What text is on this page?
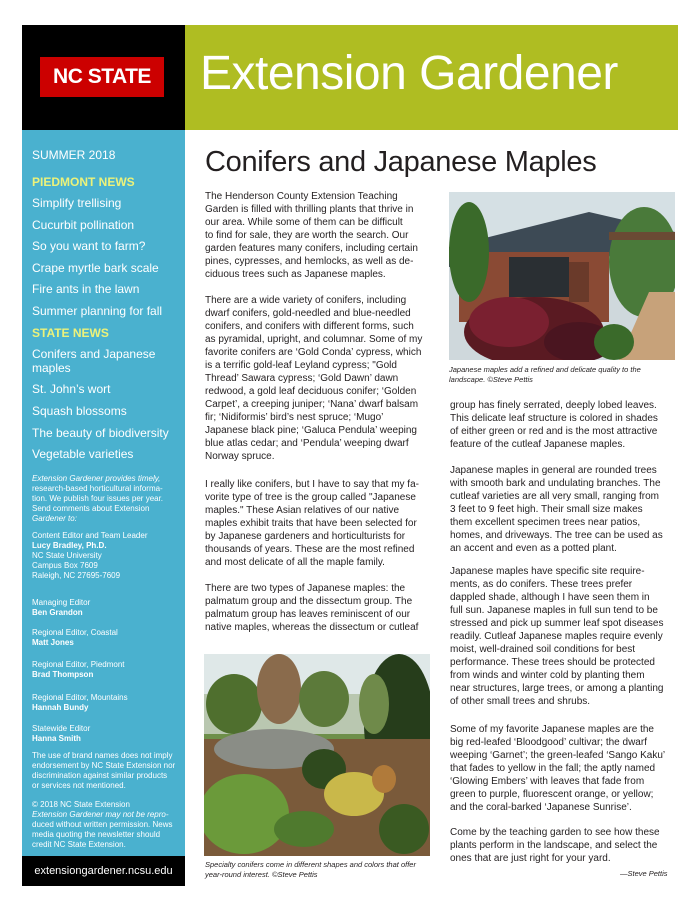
NC STATE Extension Gardener
SUMMER 2018
PIEDMONT NEWS
Simplify trellising
Cucurbit pollination
So you want to farm?
Crape myrtle bark scale
Fire ants in the lawn
Summer planning for fall
STATE NEWS
Conifers and Japanese
maples
St. John’s wort
Squash blossoms
The beauty of biodiversity
Vegetable varieties
Extension Gardener provides timely,
research-based horticultural informa-
tion. We publish four issues per year.
Send comments about Extension
Gardener to:
Content Editor and Team Leader
Lucy Bradley, Ph.D.
NC State University
Campus Box 7609
Raleigh, NC 27695-7609
Managing Editor
Ben Grandon
Regional Editor, Coastal
Matt Jones
Regional Editor, Piedmont
Brad Thompson
Regional Editor, Mountains
Hannah Bundy
Statewide Editor
Hanna Smith
The use of brand names does not imply
endorsement by NC State Extension nor
discrimination against similar products
or services not mentioned.
© 2018 NC State Extension
Extension Gardener may not be repro-
duced without written permission. News
media quoting the newsletter should
credit NC State Extension.
extensiongardener.ncsu.edu
Conifers and Japanese Maples
The Henderson County Extension Teaching
Garden is filled with thrilling plants that thrive in
our area. While some of them can be difficult
to find for sale, they are worth the search. Our
garden features many conifers, including certain
pines, cypresses, and hemlocks, as well as de-
ciduous trees such as Japanese maples.
There are a wide variety of conifers, including
dwarf conifers, gold-needled and blue-needled
conifers, and conifers with different forms, such
as pyramidal, upright, and columnar. Some of my
favorite conifers are ‘Gold Conda’ cypress, which
is a terrific gold-leaf Leyland cypress; "Gold
Thread’ Sawara cypress; ‘Gold Dawn’ dawn
redwood, a gold leaf deciduous conifer; ‘Golden
Carpet’, a creeping juniper; ‘Nana’ dwarf balsam
fir; ‘Nidiformis’ bird’s nest spruce; ‘Mugo’
Japanese black pine; ‘Galuca Pendula’ weeping
blue atlas cedar; and ‘Pendula’ weeping dwarf
Norway spruce.
I really like conifers, but I have to say that my fa-
vorite type of tree is the group called "Japanese
maples." These Asian relatives of our native
maples exhibit traits that have been selected for
by Japanese gardeners and horticulturists for
thousands of years. These are the most refined
and most delicate of all the maple family.
There are two types of Japanese maples: the
palmatum group and the dissectum group. The
palmatum group has leaves reminiscent of our
native maples, whereas the dissectum or cutleaf
Specialty conifers come in different shapes and colors that offer
year-round interest. ©Steve Pettis
Japanese maples add a refined and delicate quality to the
landscape. ©Steve Pettis
group has finely serrated, deeply lobed leaves.
This delicate leaf structure is colored in shades
of either green or red and is the most attractive
feature of the cutleaf Japanese maples.
Japanese maples in general are rounded trees
with smooth bark and undulating branches. The
cutleaf varieties are all very small, ranging from
3 feet to 9 feet high. Their small size makes
them excellent specimen trees near patios,
homes, and driveways. The tree can be used as
an accent and even as a potted plant.
Japanese maples have specific site require-
ments, as do conifers. These trees prefer
dappled shade, although I have seen them in
full sun. Japanese maples in full sun tend to be
stressed and pick up summer leaf spot diseases
readily. Cutleaf Japanese maples require evenly
moist, well-drained soil conditions for best
performance. These trees should be protected
from winds and winter cold by planting them
near structures, large trees, or among a planting
of other small trees and shrubs.
Some of my favorite Japanese maples are the
big red-leafed ‘Bloodgood’ cultivar; the dwarf
weeping ‘Garnet’; the green-leafed ‘Sango Kaku’
that fades to yellow in the fall; the aptly named
‘Glowing Embers’ with leaves that fade from
green to purple, fluorescent orange, or yellow;
and the coral-barked ‘Japanese Sunrise’.
Come by the teaching garden to see how these
plants perform in the landscape, and select the
ones that are just right for your yard.
—Steve Pettis
